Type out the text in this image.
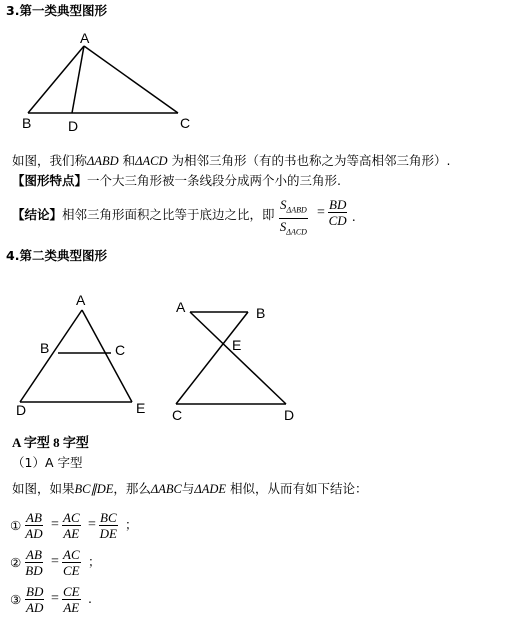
3.第一类典型图形
A
B	D	C
如图，我们称ΔABD 和ΔACD 为相邻三角形（有的书也称之为等高相邻三角形）.
【图形特点】一个大三角形被一条线段分成两个小的三角形.
【结论】相邻三角形面积之比等于底边之比，即
$S_{\Delta ABD}$
$S_{\Delta ACD}$
= $\frac{BD}{CD}$ .
4.第二类典型图形
A
B	C
D	E
A	B
E
C	D
A 字型 8 字型
（1）A 字型
如图，如果BC∥DE，那么ΔABC与ΔADE 相似，从而有如下结论：
① $\frac{AB}{AD} = \frac{AC}{AE} = \frac{BC}{DE}$ ；
② $\frac{AB}{BD} = \frac{AC}{CE}$ ；
③ $\frac{BD}{AD} = \frac{CE}{AE}$ .
